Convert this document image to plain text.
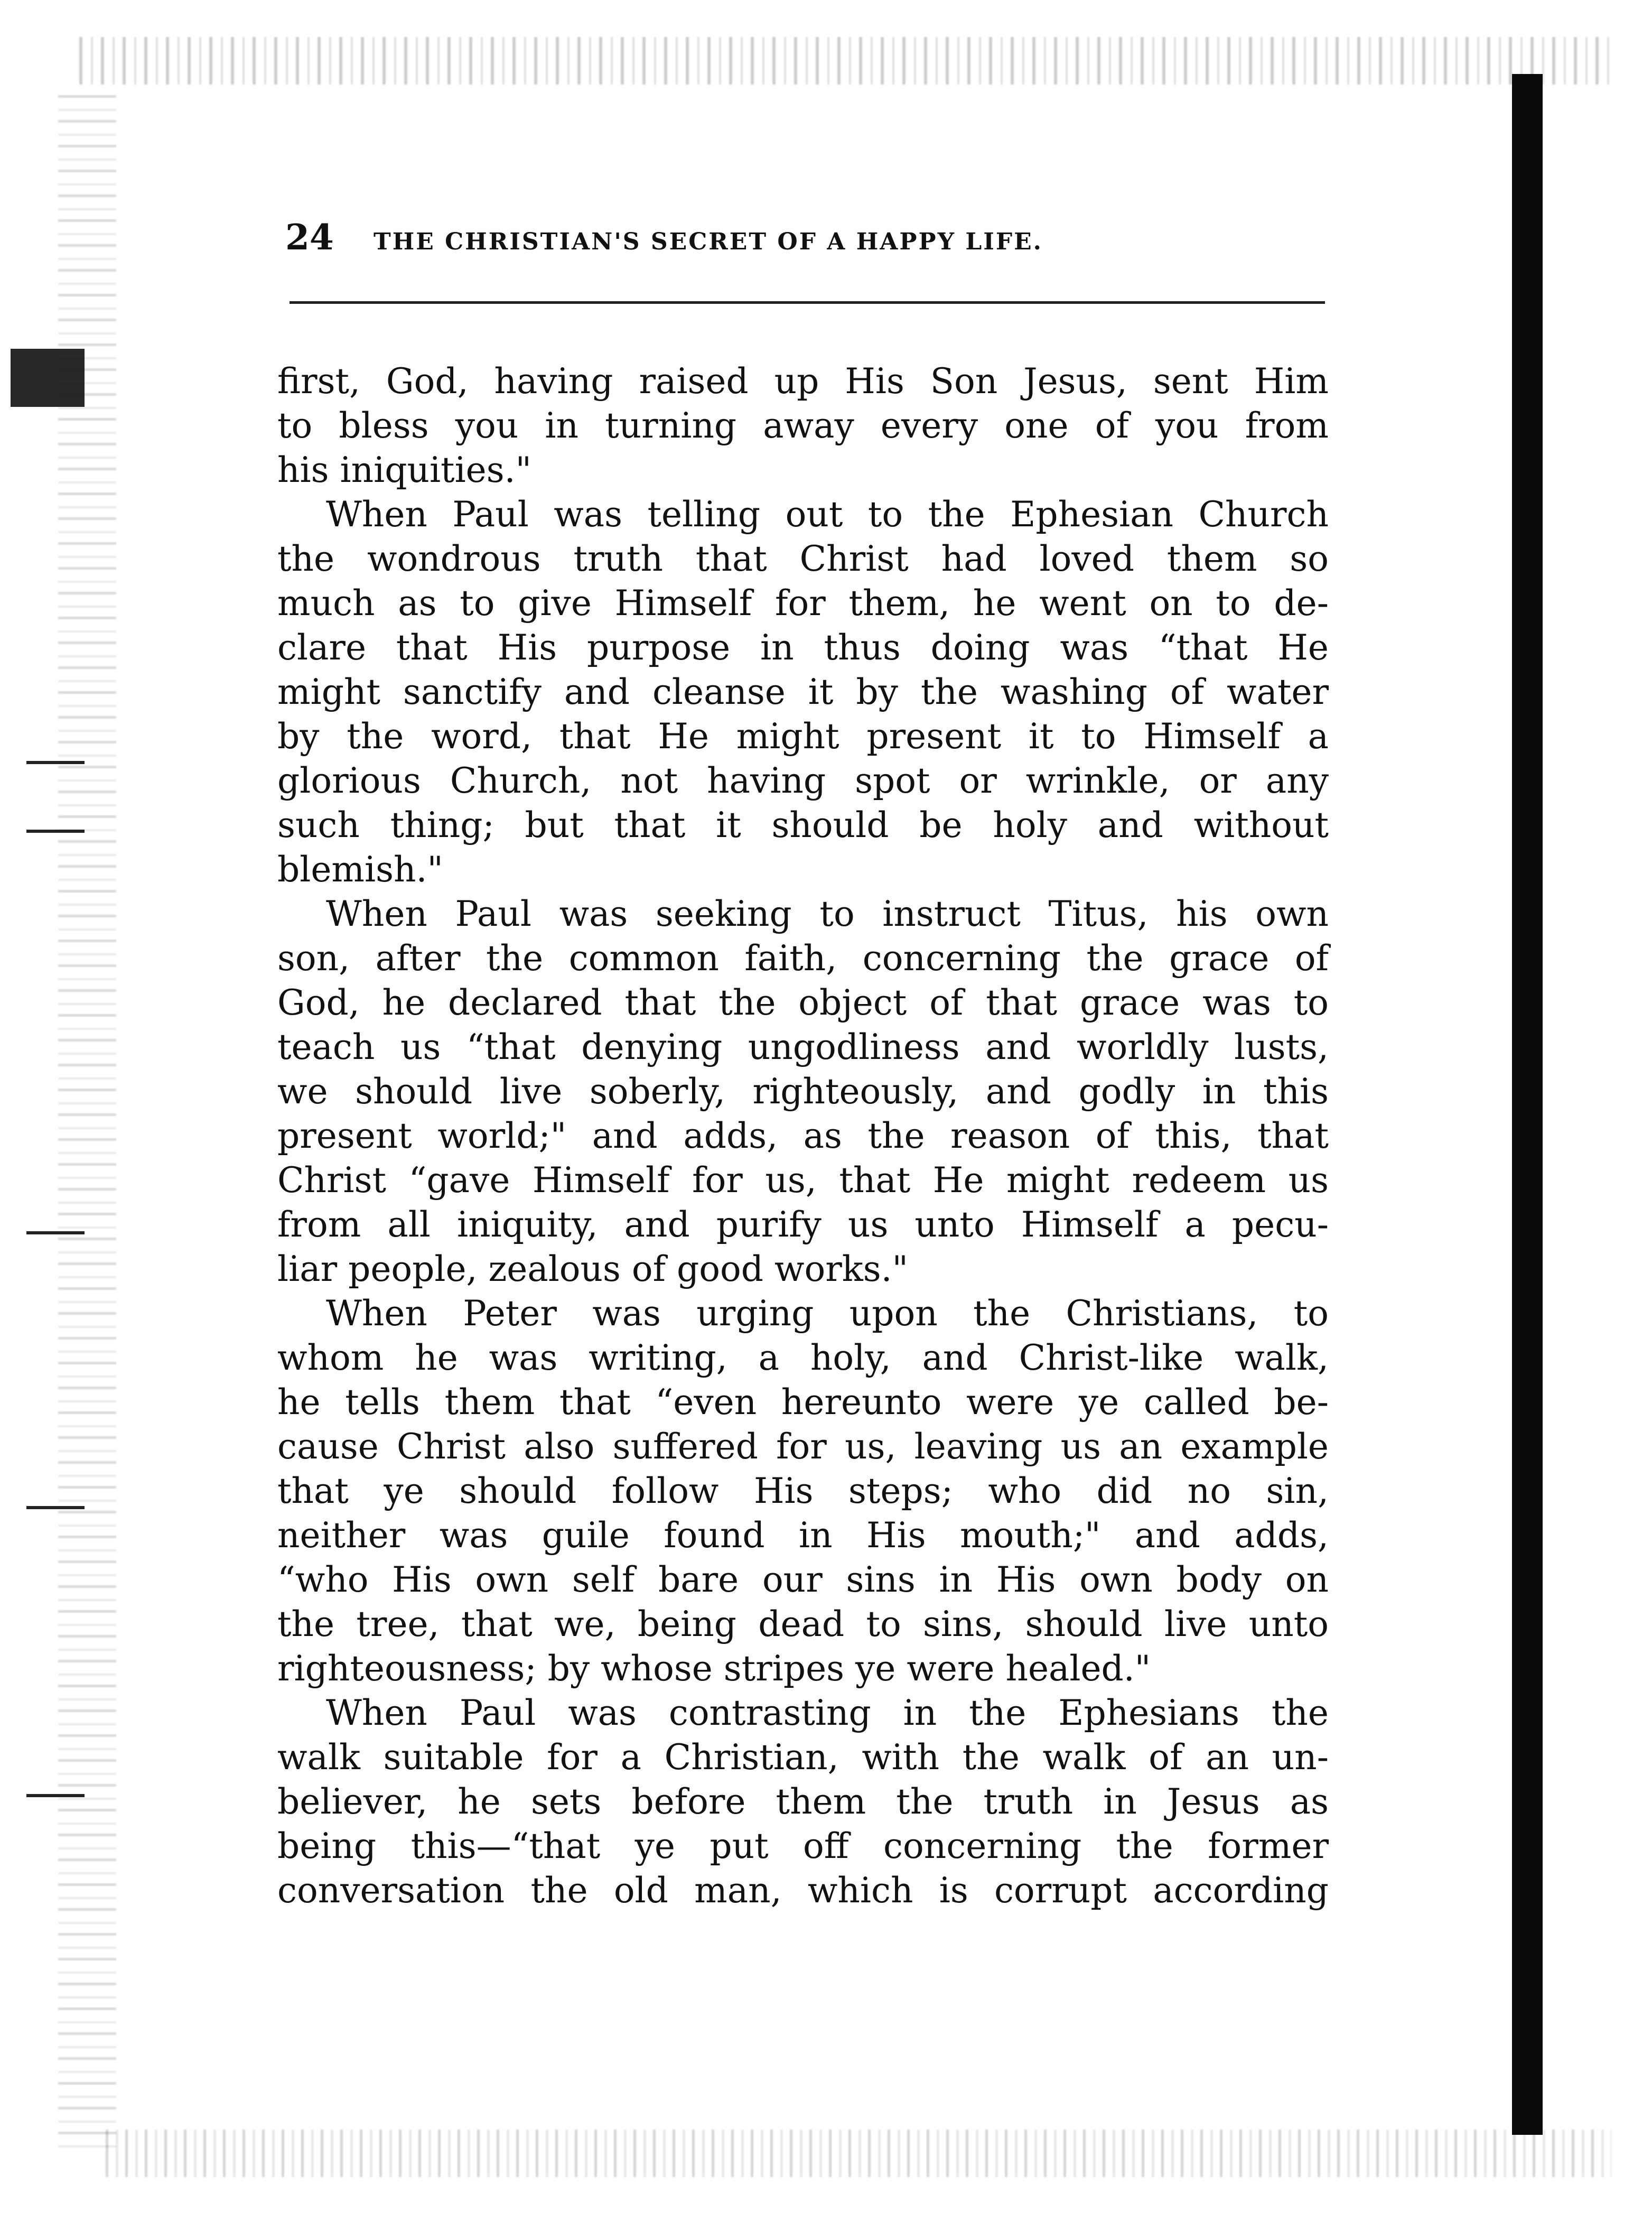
24 THE CHRISTIAN'S SECRET OF A HAPPY LIFE.
first, God, having raised up His Son Jesus, sent Him
to bless you in turning away every one of you from
his iniquities."
When Paul was telling out to the Ephesian Church
the wondrous truth that Christ had loved them so
much as to give Himself for them, he went on to de-
clare that His purpose in thus doing was “that He
might sanctify and cleanse it by the washing of water
by the word, that He might present it to Himself a
glorious Church, not having spot or wrinkle, or any
such thing; but that it should be holy and without
blemish."
When Paul was seeking to instruct Titus, his own
son, after the common faith, concerning the grace of
God, he declared that the object of that grace was to
teach us “that denying ungodliness and worldly lusts,
we should live soberly, righteously, and godly in this
present world;" and adds, as the reason of this, that
Christ “gave Himself for us, that He might redeem us
from all iniquity, and purify us unto Himself a pecu-
liar people, zealous of good works."
When Peter was urging upon the Christians, to
whom he was writing, a holy, and Christ-like walk,
he tells them that “even hereunto were ye called be-
cause Christ also suffered for us, leaving us an example
that ye should follow His steps; who did no sin,
neither was guile found in His mouth;" and adds,
“who His own self bare our sins in His own body on
the tree, that we, being dead to sins, should live unto
righteousness; by whose stripes ye were healed."
When Paul was contrasting in the Ephesians the
walk suitable for a Christian, with the walk of an un-
believer, he sets before them the truth in Jesus as
being this—“that ye put off concerning the former
conversation the old man, which is corrupt according
